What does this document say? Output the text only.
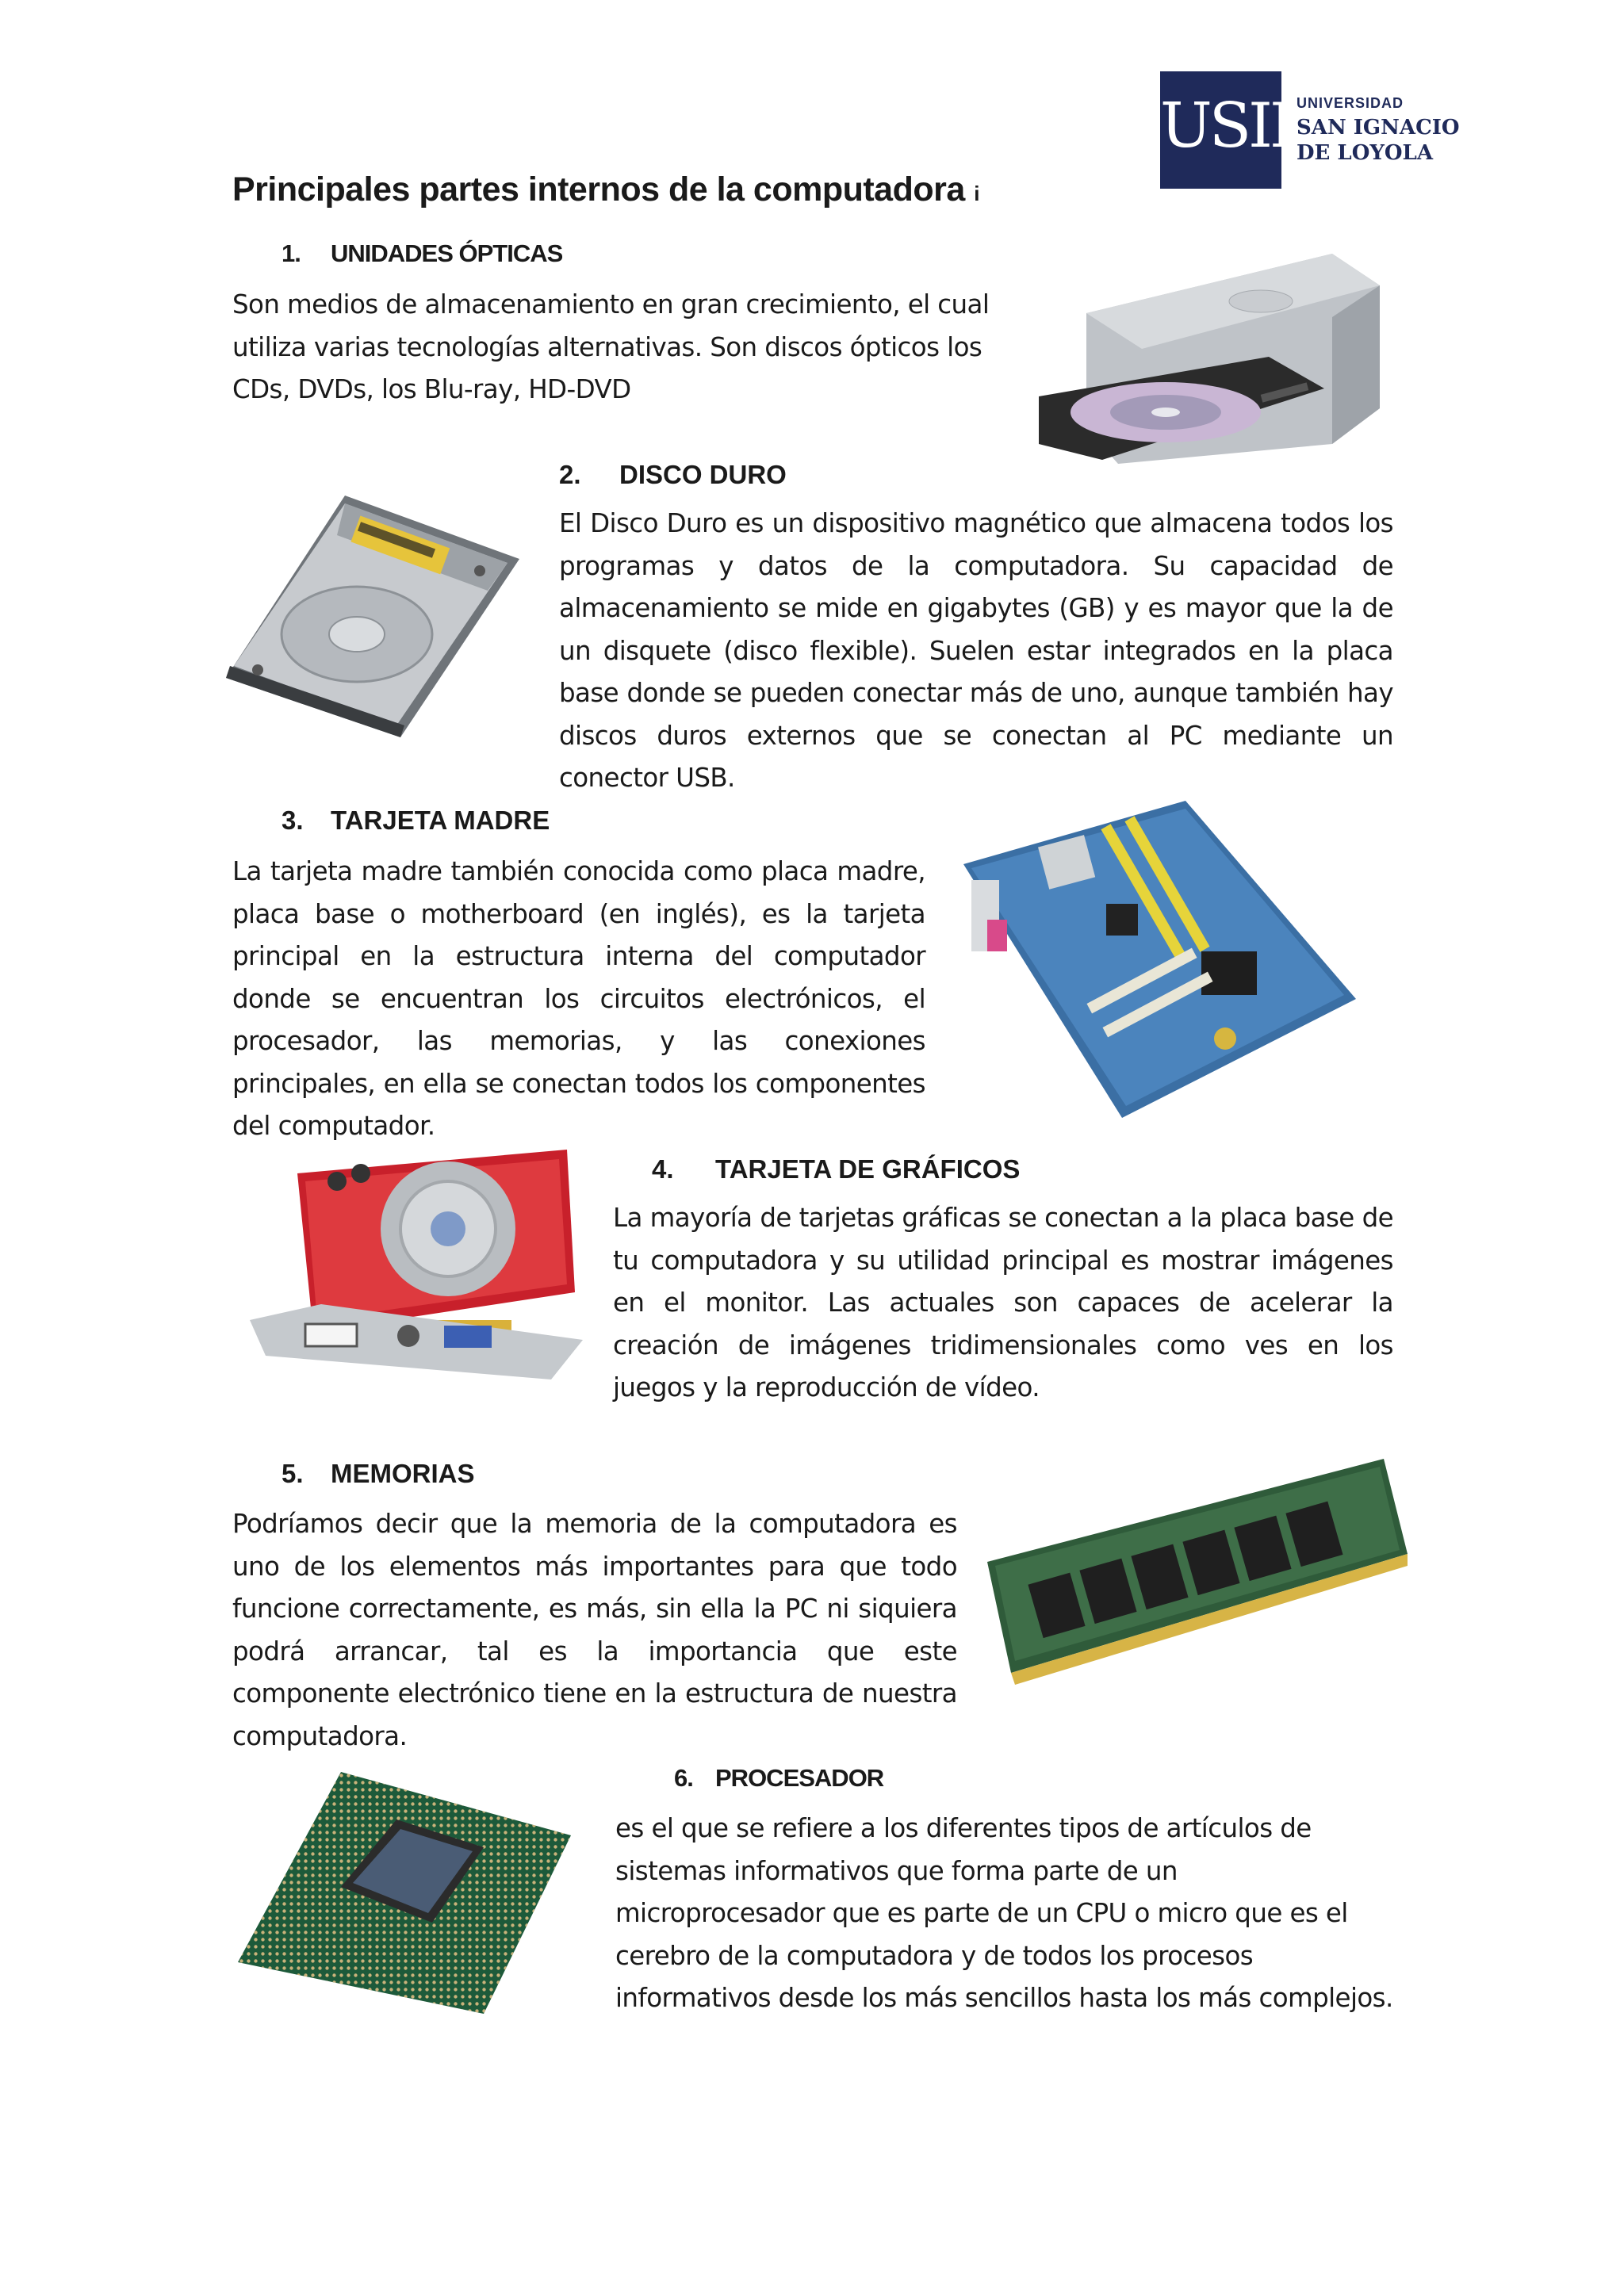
USIL
UNIVERSIDAD
SAN IGNACIO
DE LOYOLA
Principales partes internos de la computadora i
1. UNIDADES ÓPTICAS
Son medios de almacenamiento en gran crecimiento, el cual utiliza varias tecnologías alternativas. Son discos ópticos los CDs, DVDs, los Blu-ray, HD-DVD
2. DISCO DURO
El Disco Duro es un dispositivo magnético que almacena todos los programas y datos de la computadora. Su capacidad de almacenamiento se mide en gigabytes (GB) y es mayor que la de un disquete (disco flexible). Suelen estar integrados en la placa base donde se pueden conectar más de uno, aunque también hay discos duros externos que se conectan al PC mediante un conector USB.
3. TARJETA MADRE
La tarjeta madre también conocida como placa madre, placa base o motherboard (en inglés), es la tarjeta principal en la estructura interna del computador donde se encuentran los circuitos electrónicos, el procesador, las memorias, y las conexiones principales, en ella se conectan todos los componentes del computador.
4. TARJETA DE GRÁFICOS
La mayoría de tarjetas gráficas se conectan a la placa base de tu computadora y su utilidad principal es mostrar imágenes en el monitor. Las actuales son capaces de acelerar la creación de imágenes tridimensionales como ves en los juegos y la reproducción de vídeo.
5. MEMORIAS
Podríamos decir que la memoria de la computadora es uno de los elementos más importantes para que todo funcione correctamente, es más, sin ella la PC ni siquiera podrá arrancar, tal es la importancia que este componente electrónico tiene en la estructura de nuestra computadora.
6. PROCESADOR
es el que se refiere a los diferentes tipos de artículos de sistemas informativos que forma parte de un microprocesador que es parte de un CPU o micro que es el cerebro de la computadora y de todos los procesos informativos desde los más sencillos hasta los más complejos.
